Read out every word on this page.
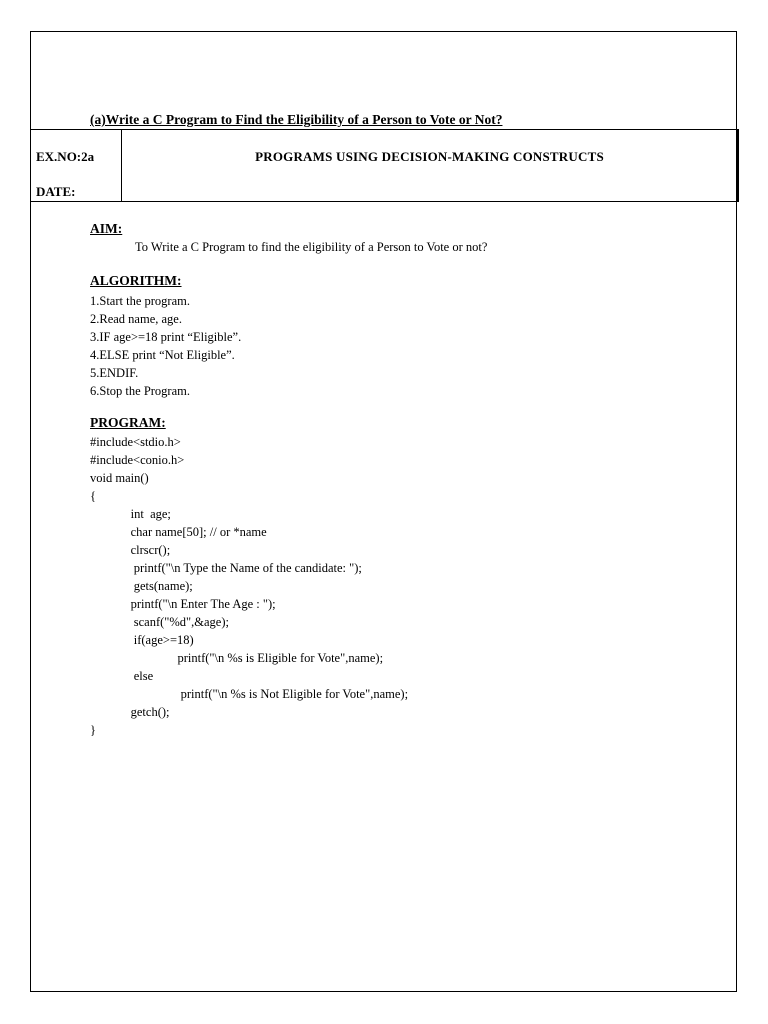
(a)Write a C Program to Find the Eligibility of a Person to Vote or Not?
EX.NO:2a
DATE:
PROGRAMS USING DECISION-MAKING CONSTRUCTS
AIM:
To Write a C Program to find the eligibility of a Person to Vote or not?
ALGORITHM:
1.Start the program.
2.Read name, age.
3.IF age>=18 print “Eligible”.
4.ELSE print “Not Eligible”.
5.ENDIF.
6.Stop the Program.
PROGRAM:
#include<stdio.h>
#include<conio.h>
void main()
{
int  age;
char name[50]; // or *name
clrscr();
printf("\n Type the Name of the candidate: ");
gets(name);
printf("\n Enter The Age : ");
scanf("%d",&age);
if(age>=18)
printf("\n %s is Eligible for Vote",name);
else
printf("\n %s is Not Eligible for Vote",name);
getch();
}
